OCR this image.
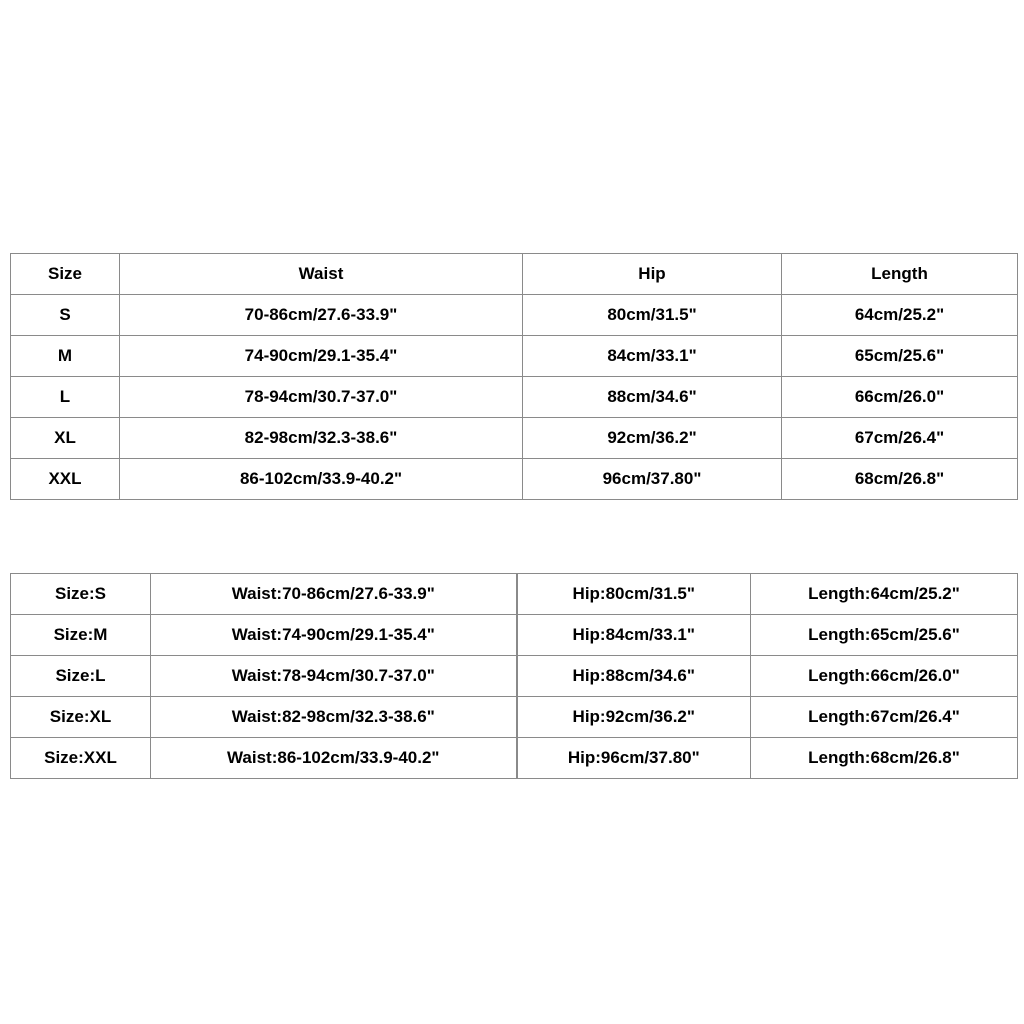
Size	Waist	Hip	Length
S	70-86cm/27.6-33.9"	80cm/31.5"	64cm/25.2"
M	74-90cm/29.1-35.4"	84cm/33.1"	65cm/25.6"
L	78-94cm/30.7-37.0"	88cm/34.6"	66cm/26.0"
XL	82-98cm/32.3-38.6"	92cm/36.2"	67cm/26.4"
XXL	86-102cm/33.9-40.2"	96cm/37.80"	68cm/26.8"
Size:S	Waist:70-86cm/27.6-33.9"	Hip:80cm/31.5"	Length:64cm/25.2"
Size:M	Waist:74-90cm/29.1-35.4"	Hip:84cm/33.1"	Length:65cm/25.6"
Size:L	Waist:78-94cm/30.7-37.0"	Hip:88cm/34.6"	Length:66cm/26.0"
Size:XL	Waist:82-98cm/32.3-38.6"	Hip:92cm/36.2"	Length:67cm/26.4"
Size:XXL	Waist:86-102cm/33.9-40.2"	Hip:96cm/37.80"	Length:68cm/26.8"
